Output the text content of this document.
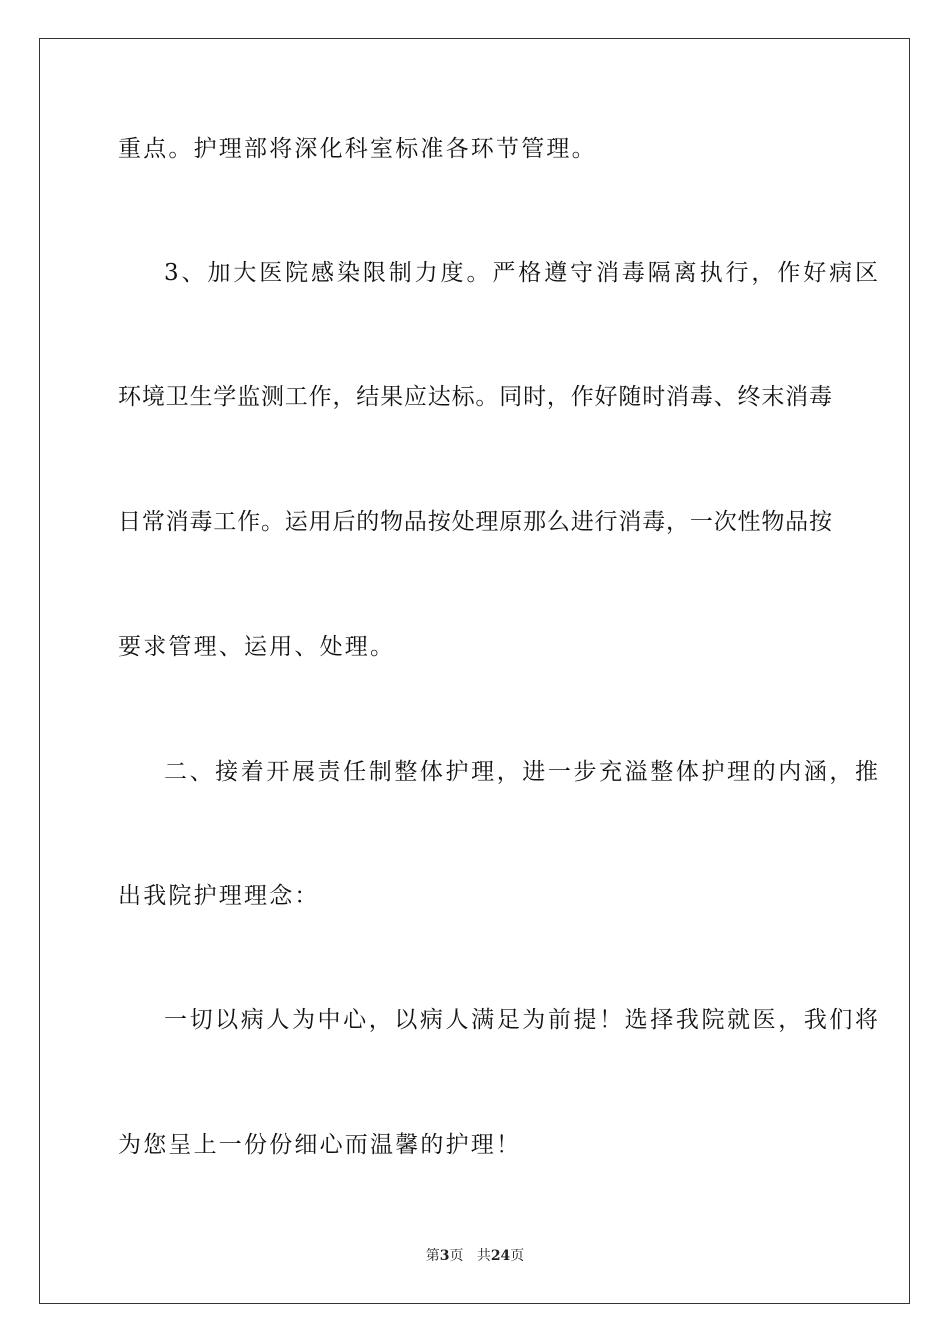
重点。护理部将深化科室标准各环节管理。
3、加大医院感染限制力度。严格遵守消毒隔离执行，作好病区
环境卫生学监测工作，结果应达标。同时，作好随时消毒、终末消毒
日常消毒工作。运用后的物品按处理原那么进行消毒，一次性物品按
要求管理、运用、处理。
二、接着开展责任制整体护理，进一步充溢整体护理的内涵，推
出我院护理理念：
一切以病人为中心，以病人满足为前提！选择我院就医，我们将
为您呈上一份份细心而温馨的护理！
第3页 共24页
